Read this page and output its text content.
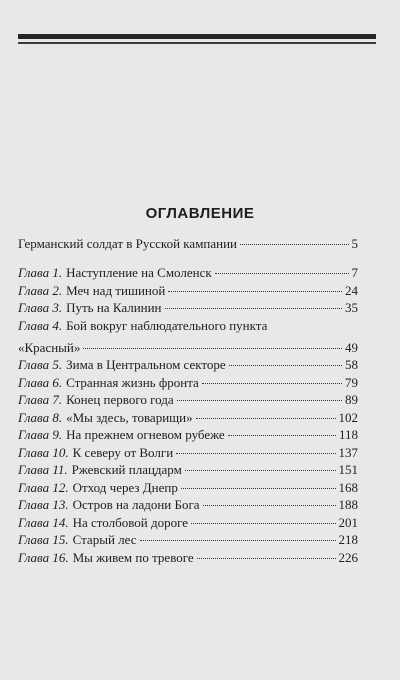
ОГЛАВЛЕНИЕ
Германский солдат в Русской кампании	5
Глава 1. Наступление на Смоленск	7
Глава 2. Меч над тишиной	24
Глава 3. Путь на Калинин	35
Глава 4. Бой вокруг наблюдательного пункта
«Красный»	49
Глава 5. Зима в Центральном секторе	58
Глава 6. Странная жизнь фронта	79
Глава 7. Конец первого года	89
Глава 8. «Мы здесь, товарищи»	102
Глава 9. На прежнем огневом рубеже	118
Глава 10. К северу от Волги	137
Глава 11. Ржевский плацдарм	151
Глава 12. Отход через Днепр	168
Глава 13. Остров на ладони Бога	188
Глава 14. На столбовой дороге	201
Глава 15. Старый лес	218
Глава 16. Мы живем по тревоге	226
